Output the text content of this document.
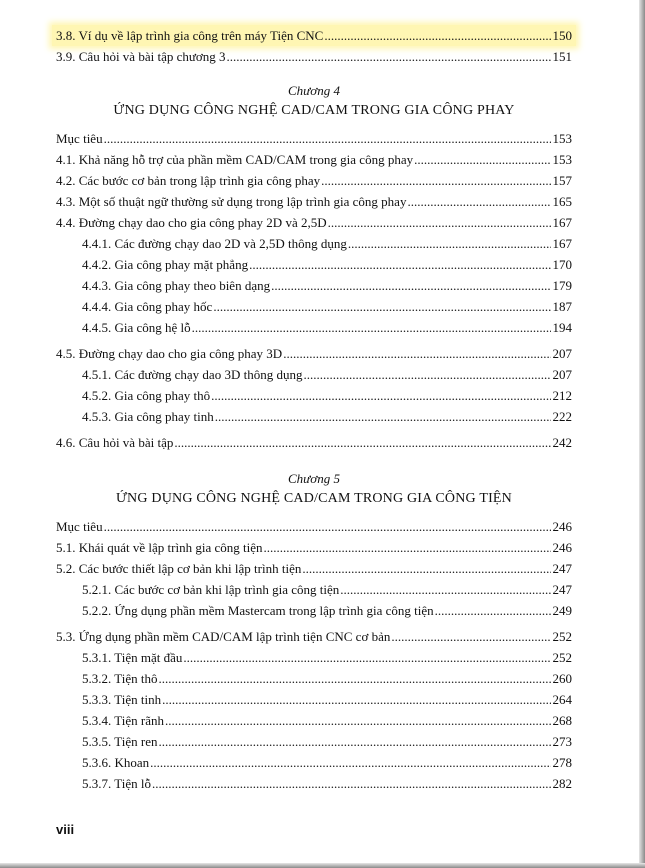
3.8. Ví dụ về lập trình gia công trên máy Tiện CNC .....	150
3.9. Câu hỏi và bài tập chương 3 .....	151
Chương 4
ỨNG DỤNG CÔNG NGHỆ CAD/CAM TRONG GIA CÔNG PHAY
Mục tiêu .....	153
4.1. Khả năng hỗ trợ của phần mềm CAD/CAM trong gia công phay .....	153
4.2. Các bước cơ bản trong lập trình gia công phay .....	157
4.3. Một số thuật ngữ thường sử dụng trong lập trình gia công phay .....	165
4.4. Đường chạy dao cho gia công phay 2D và 2,5D .....	167
4.4.1. Các đường chạy dao 2D và 2,5D thông dụng .....	167
4.4.2. Gia công phay mặt phẳng .....	170
4.4.3. Gia công phay theo biên dạng .....	179
4.4.4. Gia công phay hốc .....	187
4.4.5. Gia công hệ lỗ .....	194
4.5. Đường chạy dao cho gia công phay 3D .....	207
4.5.1. Các đường chạy dao 3D thông dụng .....	207
4.5.2. Gia công phay thô .....	212
4.5.3. Gia công phay tinh .....	222
4.6. Câu hỏi và bài tập .....	242
Chương 5
ỨNG DỤNG CÔNG NGHỆ CAD/CAM TRONG GIA CÔNG TIỆN
Mục tiêu .....	246
5.1. Khái quát về lập trình gia công tiện .....	246
5.2. Các bước thiết lập cơ bản khi lập trình tiện .....	247
5.2.1. Các bước cơ bản khi lập trình gia công tiện .....	247
5.2.2. Ứng dụng phần mềm Mastercam trong lập trình gia công tiện .....	249
5.3. Ứng dụng phần mềm CAD/CAM lập trình tiện CNC cơ bản .....	252
5.3.1. Tiện mặt đầu .....	252
5.3.2. Tiện thô .....	260
5.3.3. Tiện tinh .....	264
5.3.4. Tiện rãnh .....	268
5.3.5. Tiện ren .....	273
5.3.6. Khoan .....	278
5.3.7. Tiện lỗ .....	282
viii
